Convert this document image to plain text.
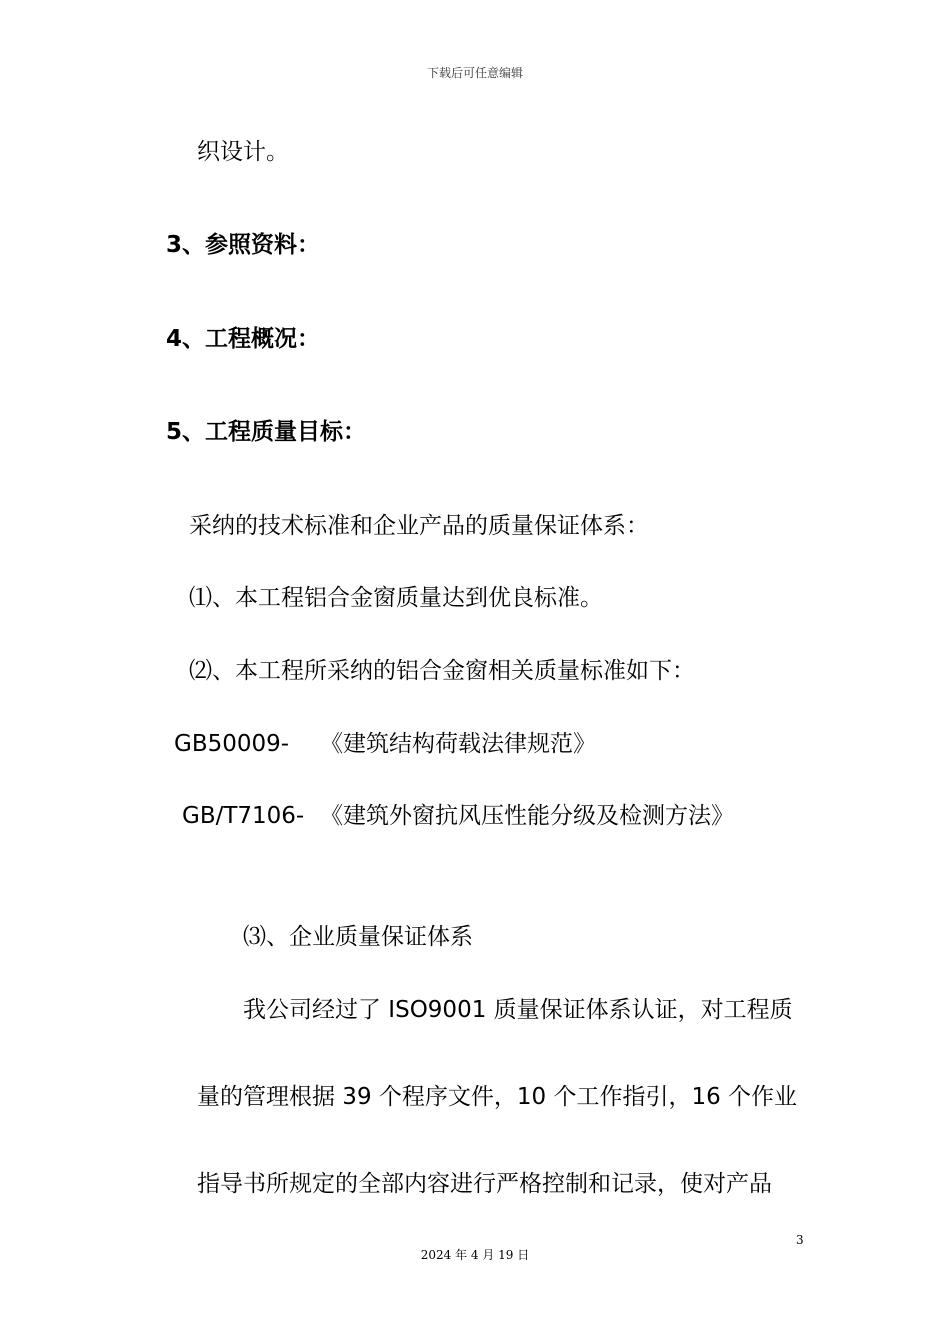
下载后可任意编辑
织设计。
3、参照资料：
4、工程概况：
5、工程质量目标：
采纳的技术标准和企业产品的质量保证体系：
⑴、本工程铝合金窗质量达到优良标准。
⑵、本工程所采纳的铝合金窗相关质量标准如下：
GB50009- 《建筑结构荷载法律规范》
GB/T7106- 《建筑外窗抗风压性能分级及检测方法》
⑶、企业质量保证体系
我公司经过了 ISO9001 质量保证体系认证，对工程质
量的管理根据 39 个程序文件，10 个工作指引，16 个作业
指导书所规定的全部内容进行严格控制和记录，使对产品
3
2024 年 4 月 19 日
